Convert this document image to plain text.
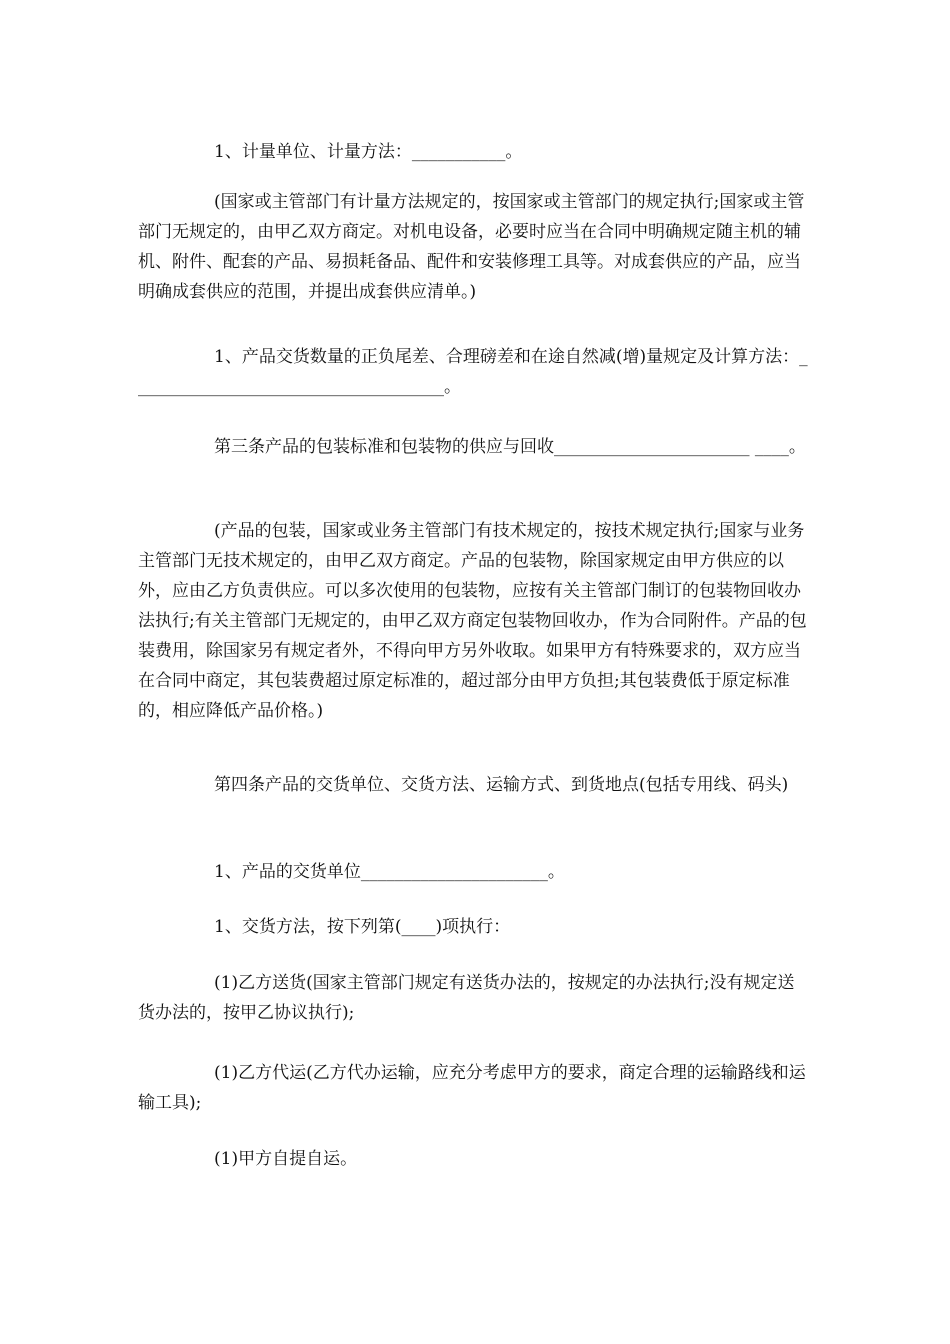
1、计量单位、计量方法：___________。

(国家或主管部门有计量方法规定的，按国家或主管部门的规定执行;国家或主管部门无规定的，由甲乙双方商定。对机电设备，必要时应当在合同中明确规定随主机的辅机、附件、配套的产品、易损耗备品、配件和安装修理工具等。对成套供应的产品，应当明确成套供应的范围，并提出成套供应清单。)

1、产品交货数量的正负尾差、合理磅差和在途自然减(增)量规定及计算方法：_____________________________________。

第三条产品的包装标准和包装物的供应与回收_______________________ ____。

(产品的包装，国家或业务主管部门有技术规定的，按技术规定执行;国家与业务主管部门无技术规定的，由甲乙双方商定。产品的包装物，除国家规定由甲方供应的以外，应由乙方负责供应。可以多次使用的包装物，应按有关主管部门制订的包装物回收办法执行;有关主管部门无规定的，由甲乙双方商定包装物回收办，作为合同附件。产品的包装费用，除国家另有规定者外，不得向甲方另外收取。如果甲方有特殊要求的，双方应当在合同中商定，其包装费超过原定标准的，超过部分由甲方负担;其包装费低于原定标准的，相应降低产品价格。)

第四条产品的交货单位、交货方法、运输方式、到货地点(包括专用线、码头)

1、产品的交货单位______________________。

1、交货方法，按下列第(____)项执行：

(1)乙方送货(国家主管部门规定有送货办法的，按规定的办法执行;没有规定送货办法的，按甲乙协议执行);

(1)乙方代运(乙方代办运输，应充分考虑甲方的要求，商定合理的运输路线和运输工具);

(1)甲方自提自运。
